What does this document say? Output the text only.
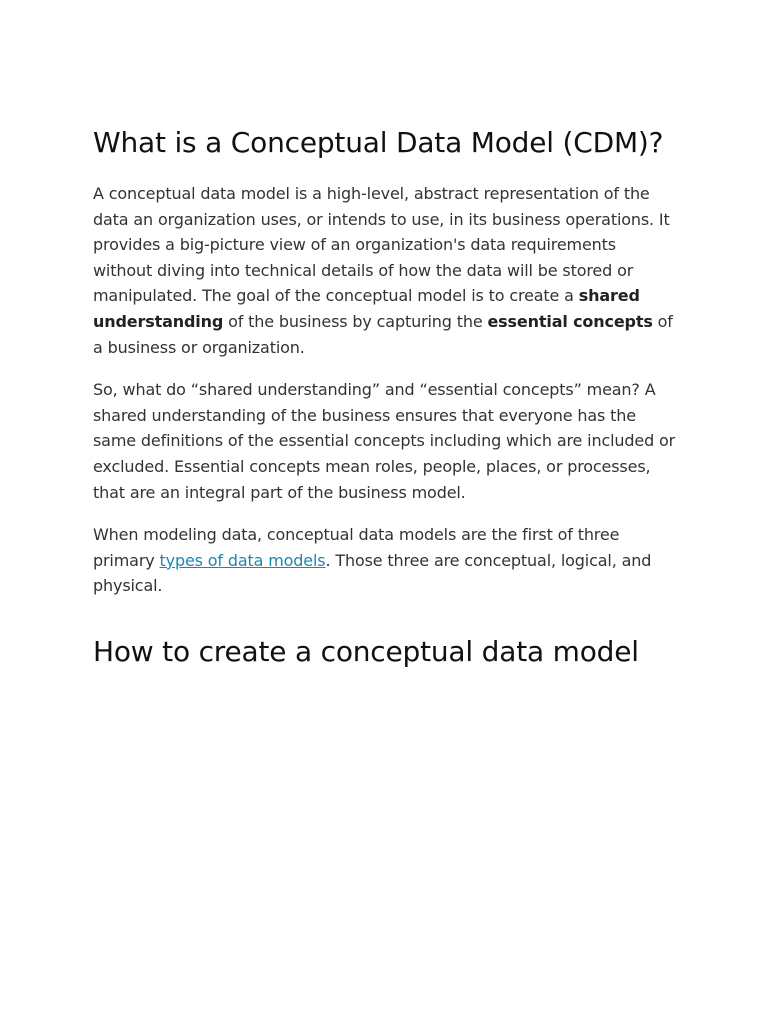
What is a Conceptual Data Model (CDM)?

A conceptual data model is a high-level, abstract representation of the data an organization uses, or intends to use, in its business operations. It provides a big-picture view of an organization's data requirements without diving into technical details of how the data will be stored or manipulated. The goal of the conceptual model is to create a shared understanding of the business by capturing the essential concepts of a business or organization.

So, what do “shared understanding” and “essential concepts” mean? A shared understanding of the business ensures that everyone has the same definitions of the essential concepts including which are included or excluded. Essential concepts mean roles, people, places, or processes, that are an integral part of the business model.

When modeling data, conceptual data models are the first of three primary types of data models. Those three are conceptual, logical, and physical.

How to create a conceptual data model
